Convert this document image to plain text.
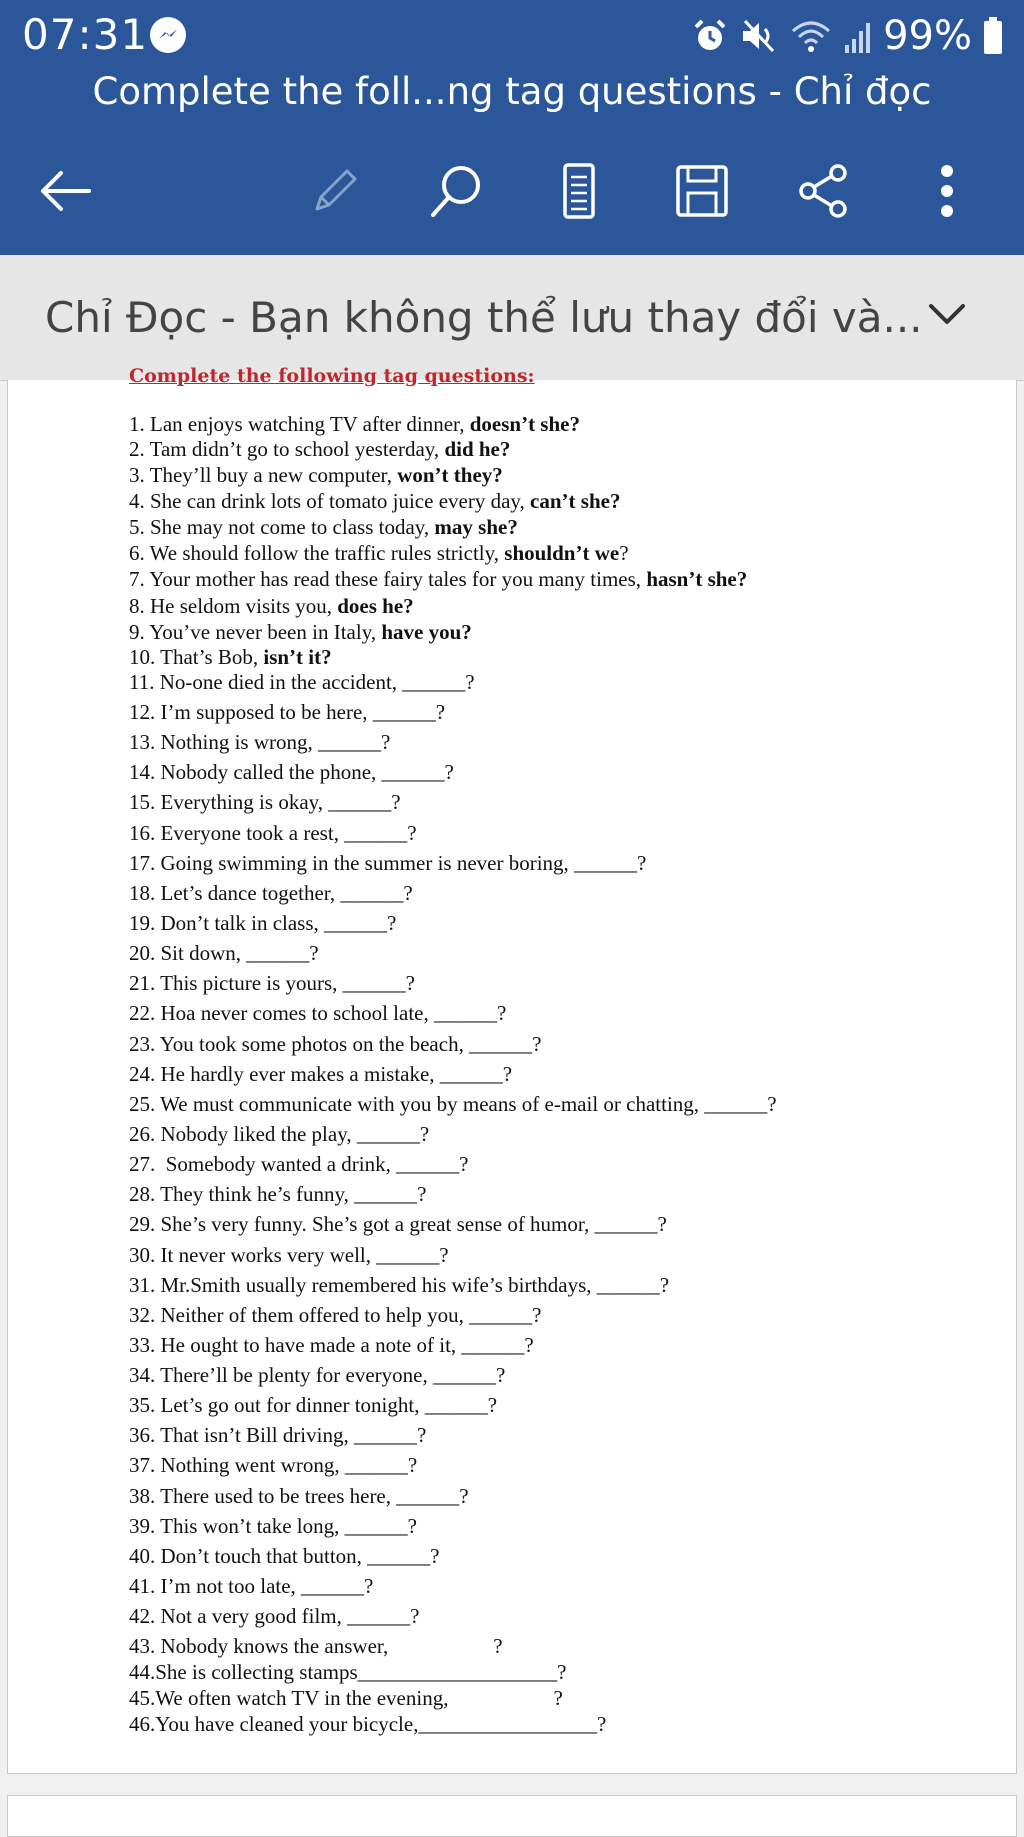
07:31	99%
Complete the foll...ng tag questions - Chỉ đọc
Chỉ Đọc - Bạn không thể lưu thay đổi và...
Complete the following tag questions:
1. Lan enjoys watching TV after dinner, doesn’t she?
2. Tam didn’t go to school yesterday, did he?
3. They’ll buy a new computer, won’t they?
4. She can drink lots of tomato juice every day, can’t she?
5. She may not come to class today, may she?
6. We should follow the traffic rules strictly, shouldn’t we?
7. Your mother has read these fairy tales for you many times, hasn’t she?
8. He seldom visits you, does he?
9. You’ve never been in Italy, have you?
10. That’s Bob, isn’t it?
11. No-one died in the accident, ______?
12. I’m supposed to be here, ______?
13. Nothing is wrong, ______?
14. Nobody called the phone, ______?
15. Everything is okay, ______?
16. Everyone took a rest, ______?
17. Going swimming in the summer is never boring, ______?
18. Let’s dance together, ______?
19. Don’t talk in class, ______?
20. Sit down, ______?
21. This picture is yours, ______?
22. Hoa never comes to school late, ______?
23. You took some photos on the beach, ______?
24. He hardly ever makes a mistake, ______?
25. We must communicate with you by means of e-mail or chatting, ______?
26. Nobody liked the play, ______?
27.  Somebody wanted a drink, ______?
28. They think he’s funny, ______?
29. She’s very funny. She’s got a great sense of humor, ______?
30. It never works very well, ______?
31. Mr.Smith usually remembered his wife’s birthdays, ______?
32. Neither of them offered to help you, ______?
33. He ought to have made a note of it, ______?
34. There’ll be plenty for everyone, ______?
35. Let’s go out for dinner tonight, ______?
36. That isn’t Bill driving, ______?
37. Nothing went wrong, ______?
38. There used to be trees here, ______?
39. This won’t take long, ______?
40. Don’t touch that button, ______?
41. I’m not too late, ______?
42. Not a very good film, ______?
43. Nobody knows the answer,                    ?
44.She is collecting stamps___________________?
45.We often watch TV in the evening,                    ?
46.You have cleaned your bicycle,_________________?
